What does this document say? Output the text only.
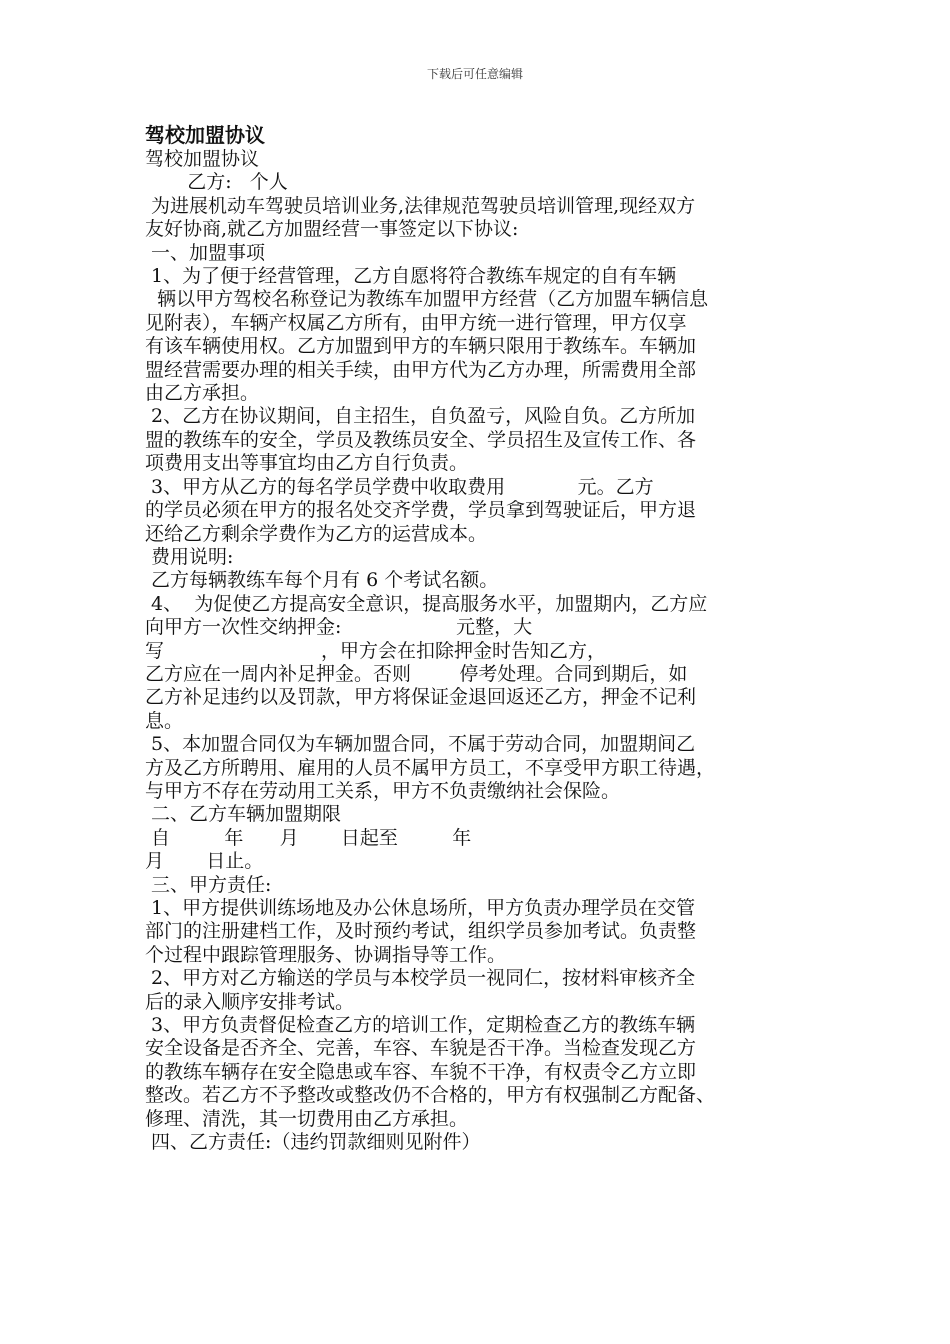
下载后可任意编辑
驾校加盟协议
驾校加盟协议
乙方:   个人
为进展机动车驾驶员培训业务,法律规范驾驶员培训管理,现经双方
友好协商,就乙方加盟经营一事签定以下协议:
一、加盟事项
1、为了便于经营管理，乙方自愿将符合教练车规定的自有车辆
辆以甲方驾校名称登记为教练车加盟甲方经营（乙方加盟车辆信息
见附表），车辆产权属乙方所有，由甲方统一进行管理，甲方仅享
有该车辆使用权。乙方加盟到甲方的车辆只限用于教练车。车辆加
盟经营需要办理的相关手续，由甲方代为乙方办理，所需费用全部
由乙方承担。
2、乙方在协议期间，自主招生，自负盈亏，风险自负。乙方所加
盟的教练车的安全，学员及教练员安全、学员招生及宣传工作、各
项费用支出等事宜均由乙方自行负责。
3、甲方从乙方的每名学员学费中收取费用            元。乙方
的学员必须在甲方的报名处交齐学费，学员拿到驾驶证后，甲方退
还给乙方剩余学费作为乙方的运营成本。
费用说明:
乙方每辆教练车每个月有 6 个考试名额。
4、  为促使乙方提高安全意识，提高服务水平，加盟期内，乙方应
向甲方一次性交纳押金:                   元整，大
写                          ，甲方会在扣除押金时告知乙方，
乙方应在一周内补足押金。否则        停考处理。合同到期后，如
乙方补足违约以及罚款，甲方将保证金退回返还乙方，押金不记利
息。
5、本加盟合同仅为车辆加盟合同，不属于劳动合同，加盟期间乙
方及乙方所聘用、雇用的人员不属甲方员工，不享受甲方职工待遇，
与甲方不存在劳动用工关系，甲方不负责缴纳社会保险。
二、乙方车辆加盟期限
自         年      月       日起至         年
月       日止。
三、甲方责任:
1、甲方提供训练场地及办公休息场所，甲方负责办理学员在交管
部门的注册建档工作，及时预约考试，组织学员参加考试。负责整
个过程中跟踪管理服务、协调指导等工作。
2、甲方对乙方输送的学员与本校学员一视同仁，按材料审核齐全
后的录入顺序安排考试。
3、甲方负责督促检查乙方的培训工作，定期检查乙方的教练车辆
安全设备是否齐全、完善，车容、车貌是否干净。当检查发现乙方
的教练车辆存在安全隐患或车容、车貌不干净，有权责令乙方立即
整改。若乙方不予整改或整改仍不合格的，甲方有权强制乙方配备、
修理、清洗，其一切费用由乙方承担。
四、乙方责任:（违约罚款细则见附件）
